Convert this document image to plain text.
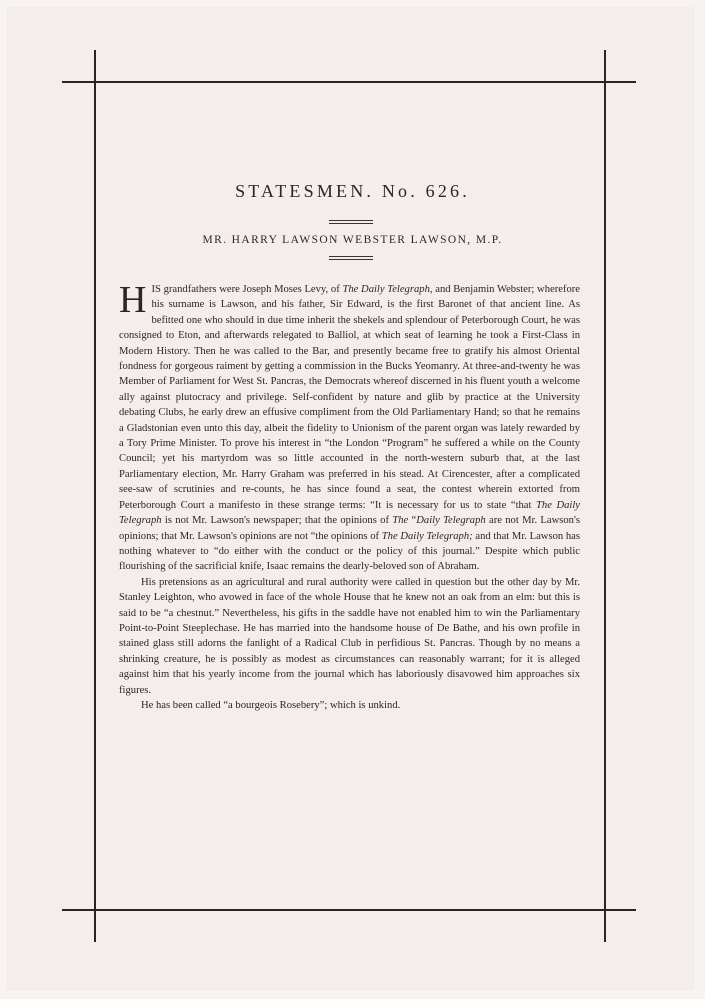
STATESMEN. No. 626.
MR. HARRY LAWSON WEBSTER LAWSON, M.P.

HIS grandfathers were Joseph Moses Levy, of The Daily Telegraph, and Benjamin Webster; wherefore his surname is Lawson, and his father, Sir Edward, is the first Baronet of that ancient line. As befitted one who should in due time inherit the shekels and splendour of Peterborough Court, he was consigned to Eton, and afterwards relegated to Balliol, at which seat of learning he took a First-Class in Modern History. Then he was called to the Bar, and presently became free to gratify his almost Oriental fondness for gorgeous raiment by getting a commission in the Bucks Yeomanry. At three-and-twenty he was Member of Parliament for West St. Pancras, the Democrats whereof discerned in his fluent youth a welcome ally against plutocracy and privilege. Self-confident by nature and glib by practice at the University debating Clubs, he early drew an effusive compliment from the Old Parliamentary Hand; so that he remains a Gladstonian even unto this day, albeit the fidelity to Unionism of the parent organ was lately rewarded by a Tory Prime Minister. To prove his interest in “the London “Program” he suffered a while on the County Council; yet his martyrdom was so little accounted in the north-western suburb that, at the last Parliamentary election, Mr. Harry Graham was preferred in his stead. At Cirencester, after a complicated see-saw of scrutinies and re-counts, he has since found a seat, the contest wherein extorted from Peterborough Court a manifesto in these strange terms: “It is necessary for us to state “that The Daily Telegraph is not Mr. Lawson's newspaper; that the opinions of The “Daily Telegraph are not Mr. Lawson's opinions; that Mr. Lawson's opinions are not “the opinions of The Daily Telegraph; and that Mr. Lawson has nothing whatever to “do either with the conduct or the policy of this journal.” Despite which public flourishing of the sacrificial knife, Isaac remains the dearly-beloved son of Abraham.

His pretensions as an agricultural and rural authority were called in question but the other day by Mr. Stanley Leighton, who avowed in face of the whole House that he knew not an oak from an elm: but this is said to be “a chestnut.” Nevertheless, his gifts in the saddle have not enabled him to win the Parliamentary Point-to-Point Steeplechase. He has married into the handsome house of De Bathe, and his own profile in stained glass still adorns the fanlight of a Radical Club in perfidious St. Pancras. Though by no means a shrinking creature, he is possibly as modest as circumstances can reasonably warrant; for it is alleged against him that his yearly income from the journal which has laboriously disavowed him approaches six figures.

He has been called “a bourgeois Rosebery”; which is unkind.
